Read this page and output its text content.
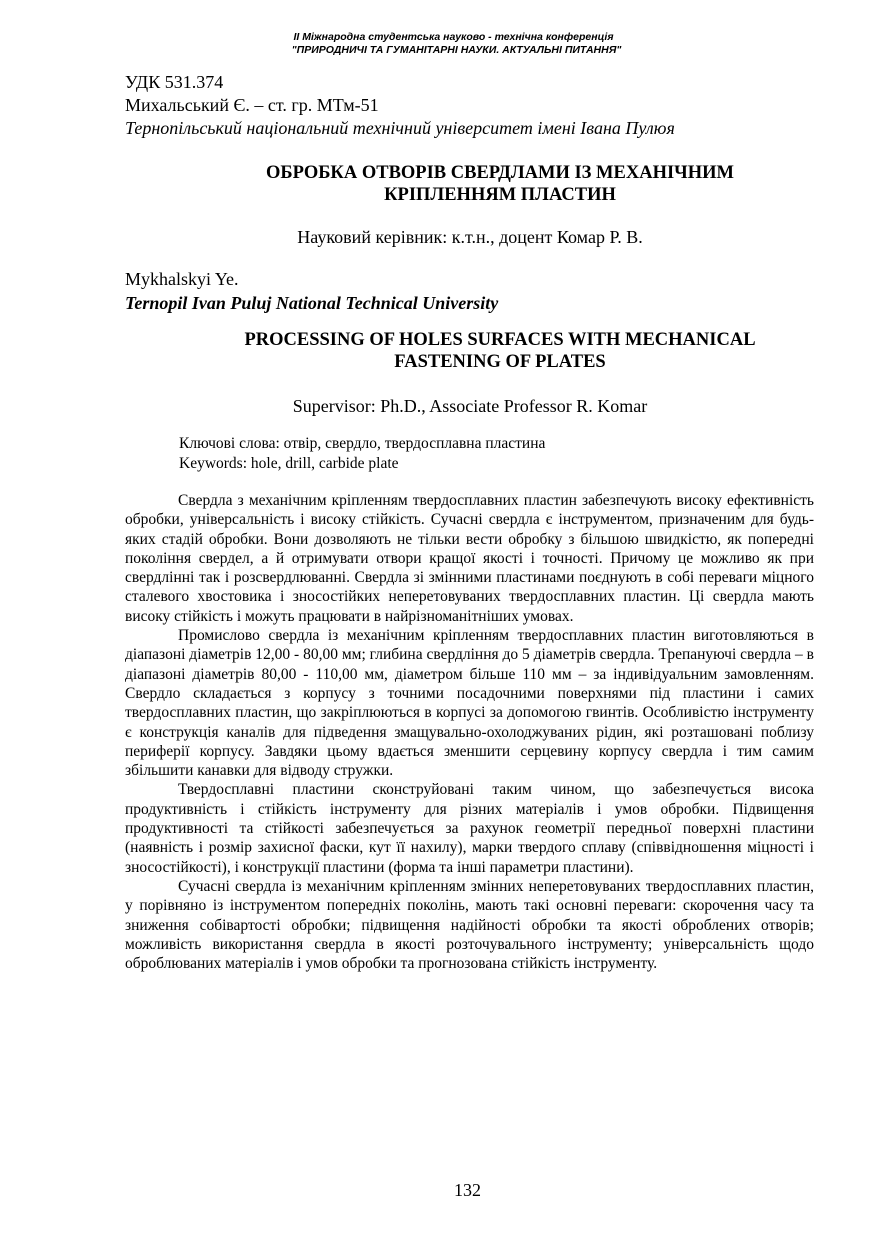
ІІ Міжнародна студентська науково - технічна конференція
"ПРИРОДНИЧІ ТА ГУМАНІТАРНІ НАУКИ. АКТУАЛЬНІ ПИТАННЯ"
УДК 531.374
Михальський Є. – ст. гр. МТм-51
Тернопільський національний технічний університет імені Івана Пулюя
ОБРОБКА ОТВОРІВ СВЕРДЛАМИ ІЗ МЕХАНІЧНИМ
КРІПЛЕННЯМ ПЛАСТИН
Науковий керівник: к.т.н., доцент Комар Р. В.
Mykhalskyi Ye.
Ternopil Ivan Puluj National Technical University
PROCESSING OF HOLES SURFACES WITH MECHANICAL
FASTENING OF PLATES
Supervisor: Ph.D., Associate Professor R. Komar
Ключові слова: отвір, свердло, твердосплавна пластина
Keywords: hole, drill, carbide plate

Свердла з механічним кріпленням твердосплавних пластин забезпечують високу ефективність обробки, універсальність і високу стійкість. Сучасні свердла є інструментом, призначеним для будь-яких стадій обробки. Вони дозволяють не тільки вести обробку з більшою швидкістю, як попередні покоління свердел, а й отримувати отвори кращої якості і точності. Причому це можливо як при свердлінні так і розсвердлюванні. Свердла зі змінними пластинами поєднують в собі переваги міцного сталевого хвостовика і зносостійких неперетовуваних твердосплавних пластин. Ці свердла мають високу стійкість і можуть працювати в найрізноманітніших умовах.

Промислово свердла із механічним кріпленням твердосплавних пластин виготовляються в діапазоні діаметрів 12,00 - 80,00 мм; глибина свердління до 5 діаметрів свердла. Трепануючі свердла – в діапазоні діаметрів 80,00 - 110,00 мм, діаметром більше 110 мм – за індивідуальним замовленням. Свердло складається з корпусу з точними посадочними поверхнями під пластини і самих твердосплавних пластин, що закріплюються в корпусі за допомогою гвинтів. Особливістю інструменту є конструкція каналів для підведення змащувально-охолоджуваних рідин, які розташовані поблизу периферії корпусу. Завдяки цьому вдається зменшити серцевину корпусу свердла і тим самим збільшити канавки для відводу стружки.

Твердосплавні пластини сконструйовані таким чином, що забезпечується висока продуктивність і стійкість інструменту для різних матеріалів і умов обробки. Підвищення продуктивності та стійкості забезпечується за рахунок геометрії передньої поверхні пластини (наявність і розмір захисної фаски, кут її нахилу), марки твердого сплаву (співвідношення міцності і зносостійкості), і конструкції пластини (форма та інші параметри пластини).

Сучасні свердла із механічним кріпленням змінних неперетовуваних твердосплавних пластин, у порівняно із інструментом попередніх поколінь, мають такі основні переваги: скорочення часу та зниження собівартості обробки; підвищення надійності обробки та якості оброблених отворів; можливість використання свердла в якості розточувального інструменту; універсальність щодо оброблюваних матеріалів і умов обробки та прогнозована стійкість інструменту.

132
